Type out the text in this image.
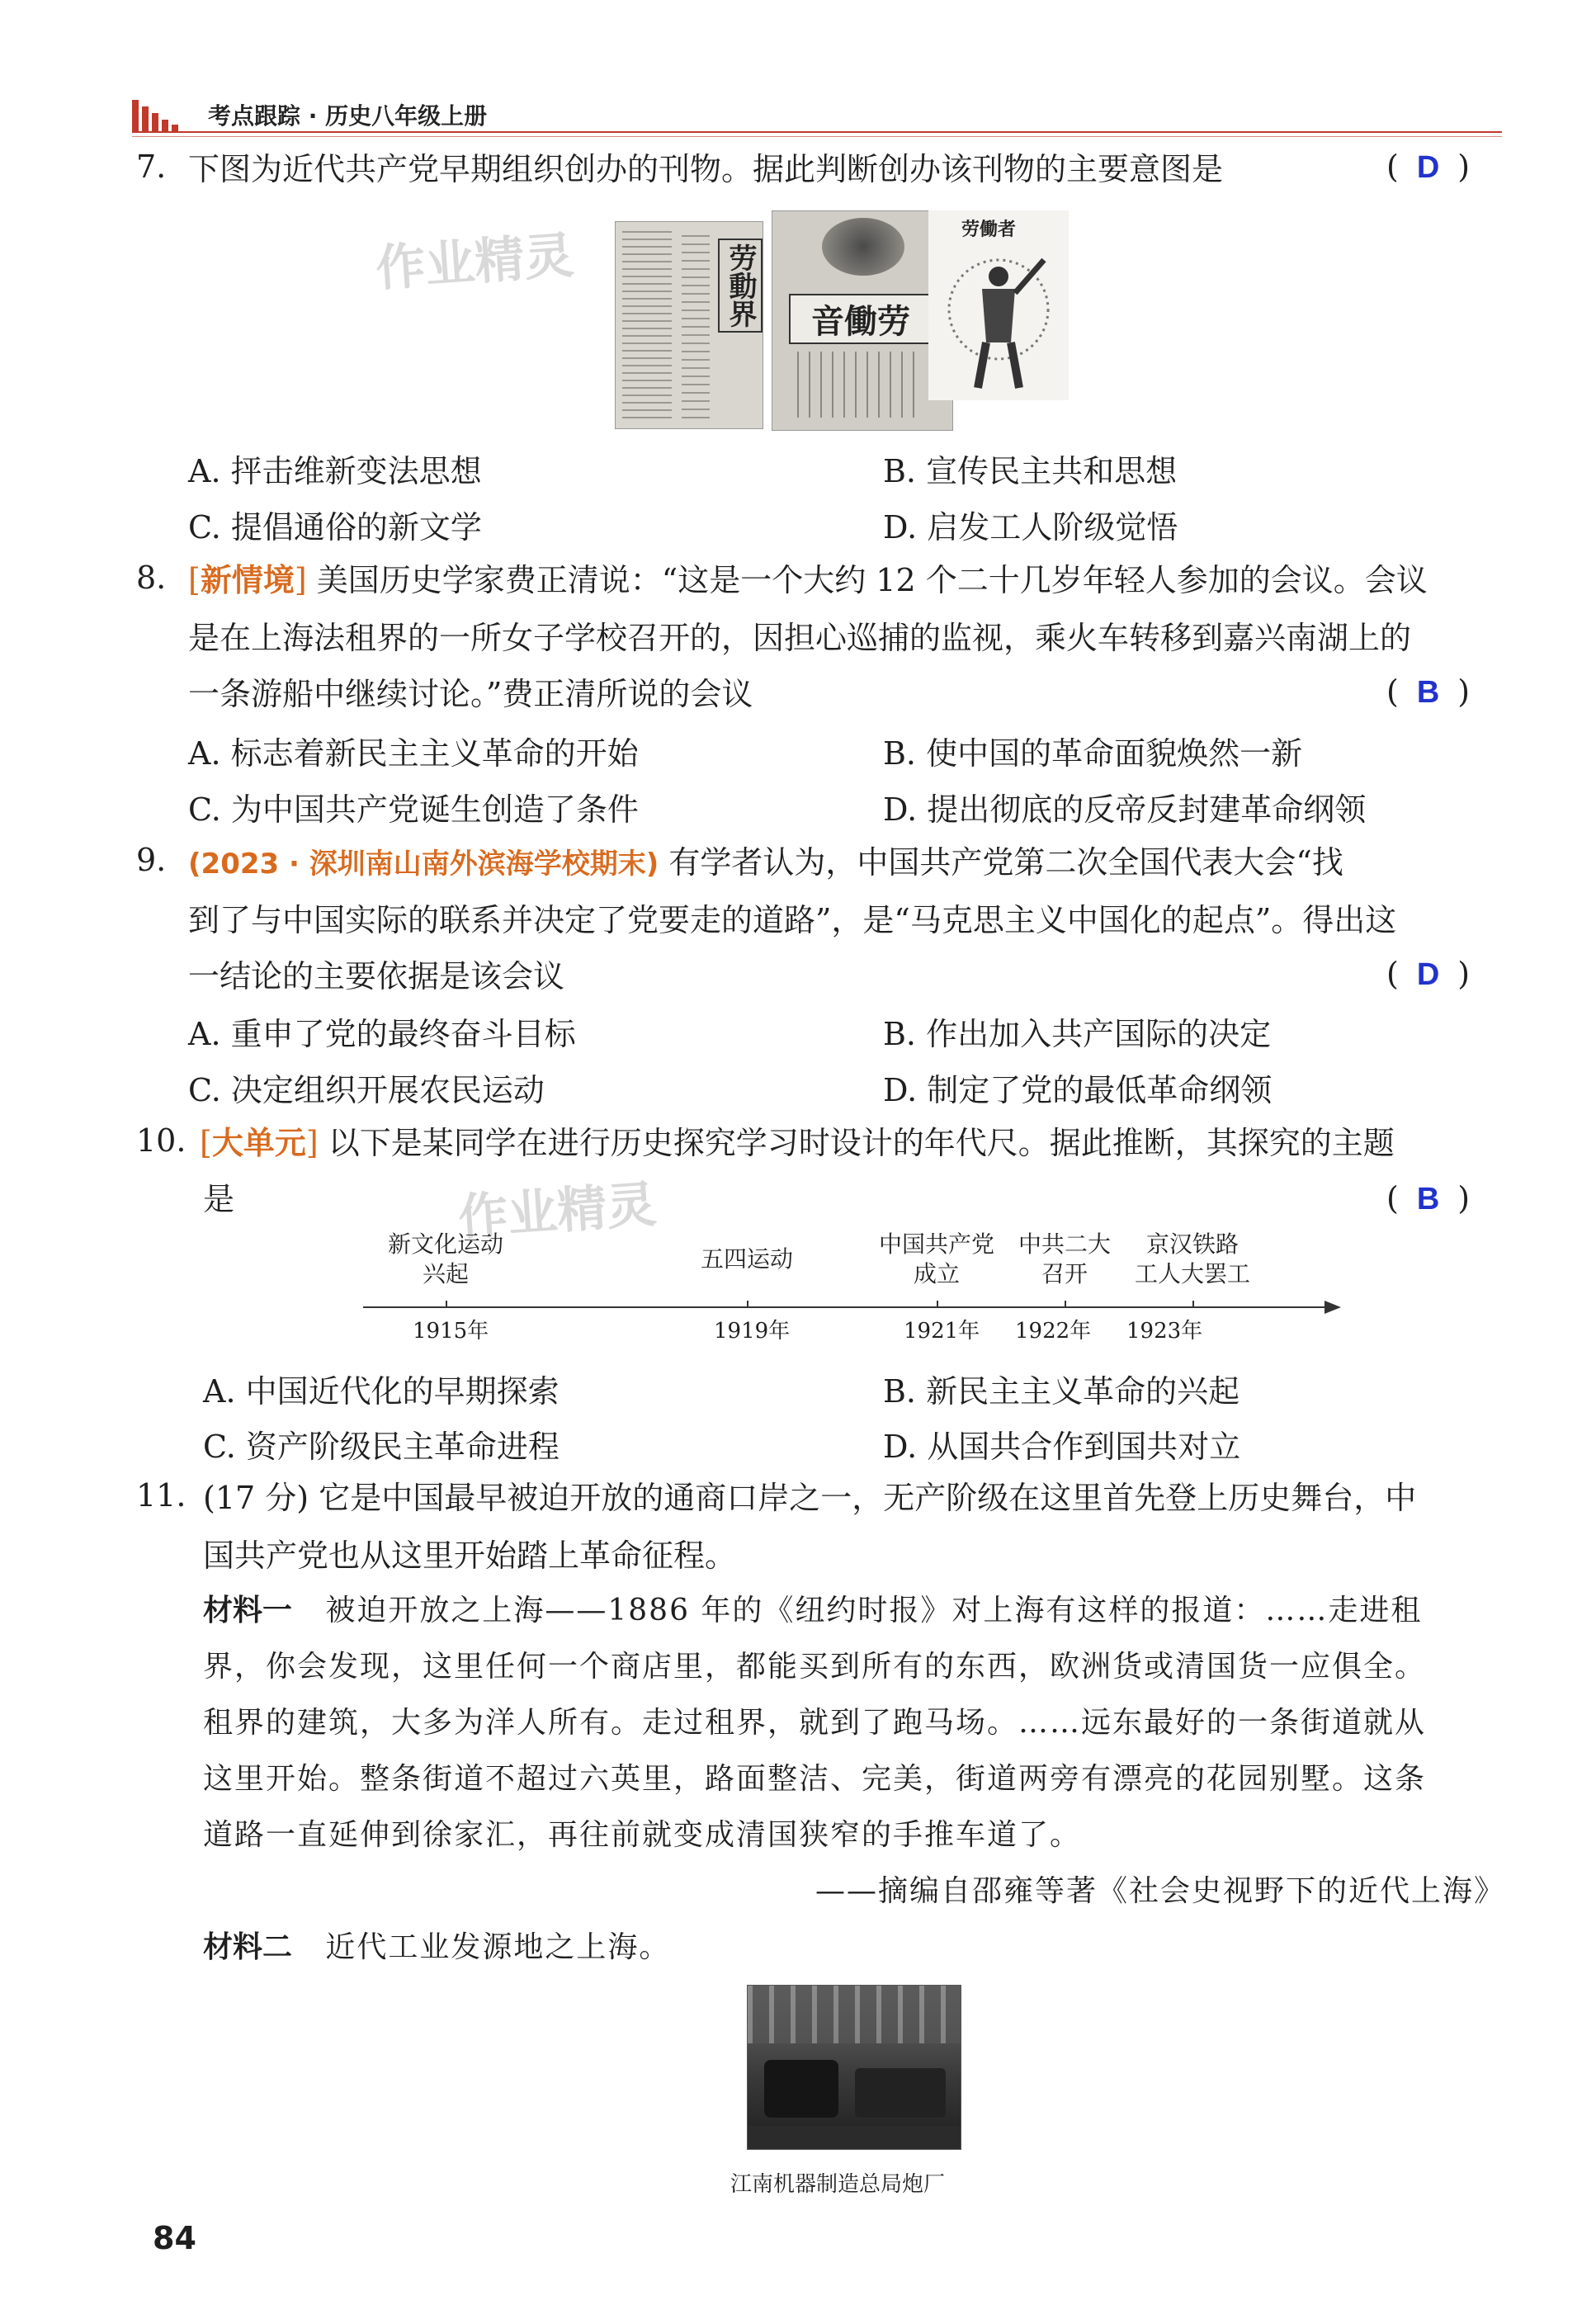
考点跟踪 · 历史八年级上册
7. 下图为近代共产党早期组织创办的刊物。据此判断创办该刊物的主要意图是	( D )
作业精灵	劳動界	音働劳
劳働者
A. 抨击维新变法思想	B. 宣传民主共和思想
C. 提倡通俗的新文学	D. 启发工人阶级觉悟
8. [新情境] 美国历史学家费正清说：“这是一个大约 12 个二十几岁年轻人参加的会议。会议
是在上海法租界的一所女子学校召开的，因担心巡捕的监视，乘火车转移到嘉兴南湖上的
一条游船中继续讨论。”费正清所说的会议	( B )
A. 标志着新民主主义革命的开始	B. 使中国的革命面貌焕然一新
C. 为中国共产党诞生创造了条件	D. 提出彻底的反帝反封建革命纲领
9. (2023 · 深圳南山南外滨海学校期末) 有学者认为，中国共产党第二次全国代表大会“找
到了与中国实际的联系并决定了党要走的道路”，是“马克思主义中国化的起点”。得出这
一结论的主要依据是该会议	( D )
A. 重申了党的最终奋斗目标	B. 作出加入共产国际的决定
C. 决定组织开展农民运动	D. 制定了党的最低革命纲领
10. [大单元] 以下是某同学在进行历史探究学习时设计的年代尺。据此推断，其探究的主题
是	( B )
作业精灵
新文化运动
兴起
五四运动
中国共产党
成立
中共二大
召开
京汉铁路
工人大罢工
1915年	1919年	1921年 1922年 1923年
A. 中国近代化的早期探索	B. 新民主主义革命的兴起
C. 资产阶级民主革命进程	D. 从国共合作到国共对立
11. (17 分) 它是中国最早被迫开放的通商口岸之一，无产阶级在这里首先登上历史舞台，中
国共产党也从这里开始踏上革命征程。
材料一 被迫开放之上海——1886 年的《纽约时报》对上海有这样的报道：……走进租
界，你会发现，这里任何一个商店里，都能买到所有的东西，欧洲货或清国货一应俱全。
租界的建筑，大多为洋人所有。走过租界，就到了跑马场。……远东最好的一条街道就从
这里开始。整条街道不超过六英里，路面整洁、完美，街道两旁有漂亮的花园别墅。这条
道路一直延伸到徐家汇，再往前就变成清国狭窄的手推车道了。
——摘编自邵雍等著《社会史视野下的近代上海》
材料二 近代工业发源地之上海。
江南机器制造总局炮厂
84
